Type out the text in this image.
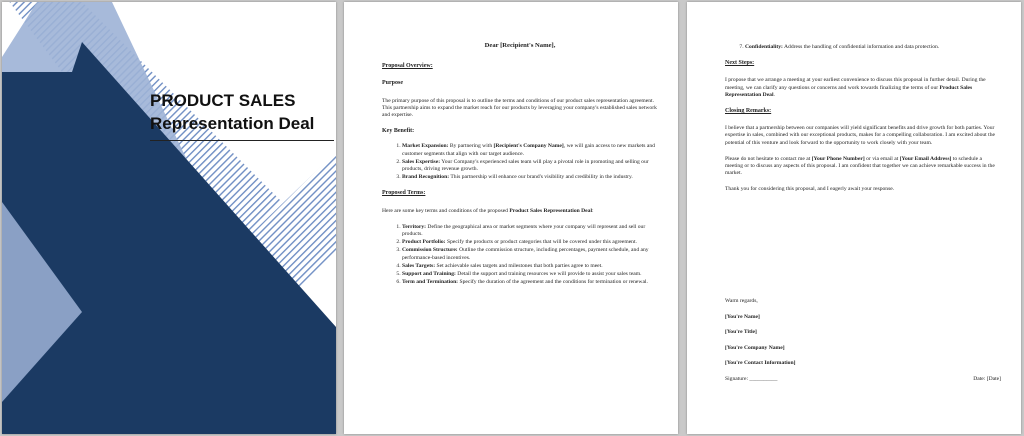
PRODUCT SALES
Representation Deal
Dear [Recipient's Name],
Proposal Overview:
Purpose

The primary purpose of this proposal is to outline the terms and conditions of our product sales representation agreement. This partnership aims to expand the market reach for our products by leveraging your company's established sales network and expertise.

Key Benefit:
1. Market Expansion: By partnering with [Recipient's Company Name], we will gain access to new markets and customer segments that align with our target audience.
2. Sales Expertise: Your Company's experienced sales team will play a pivotal role in promoting and selling our products, driving revenue growth.
3. Brand Recognition: This partnership will enhance our brand's visibility and credibility in the industry.
Proposed Terms:

Here are some key terms and conditions of the proposed Product Sales Representation Deal:

1. Territory: Define the geographical area or market segments where your company will represent and sell our products.
2. Product Portfolio: Specify the products or product categories that will be covered under this agreement.
3. Commission Structure: Outline the commission structure, including percentages, payment schedule, and any performance-based incentives.
4. Sales Targets: Set achievable sales targets and milestones that both parties agree to meet.
5. Support and Training: Detail the support and training resources we will provide to assist your sales team.
6. Term and Termination: Specify the duration of the agreement and the conditions for termination or renewal.
7. Confidentiality: Address the handling of confidential information and data protection.
Next Steps:

I propose that we arrange a meeting at your earliest convenience to discuss this proposal in further detail. During the meeting, we can clarify any questions or concerns and work towards finalizing the terms of our Product Sales Representation Deal.

Closing Remarks:

I believe that a partnership between our companies will yield significant benefits and drive growth for both parties. Your expertise in sales, combined with our exceptional products, makes for a compelling collaboration. I am excited about the potential of this venture and look forward to the opportunity to work closely with your team.

Please do not hesitate to contact me at [Your Phone Number] or via email at [Your Email Address] to schedule a meeting or to discuss any aspects of this proposal. I am confident that together we can achieve remarkable success in the market.

Thank you for considering this proposal, and I eagerly await your response.

Warm regards,
[You're Name]
[You're Title]
[You're Company Name]
[You're Contact Information]
Signature: __________	Date: [Date]
